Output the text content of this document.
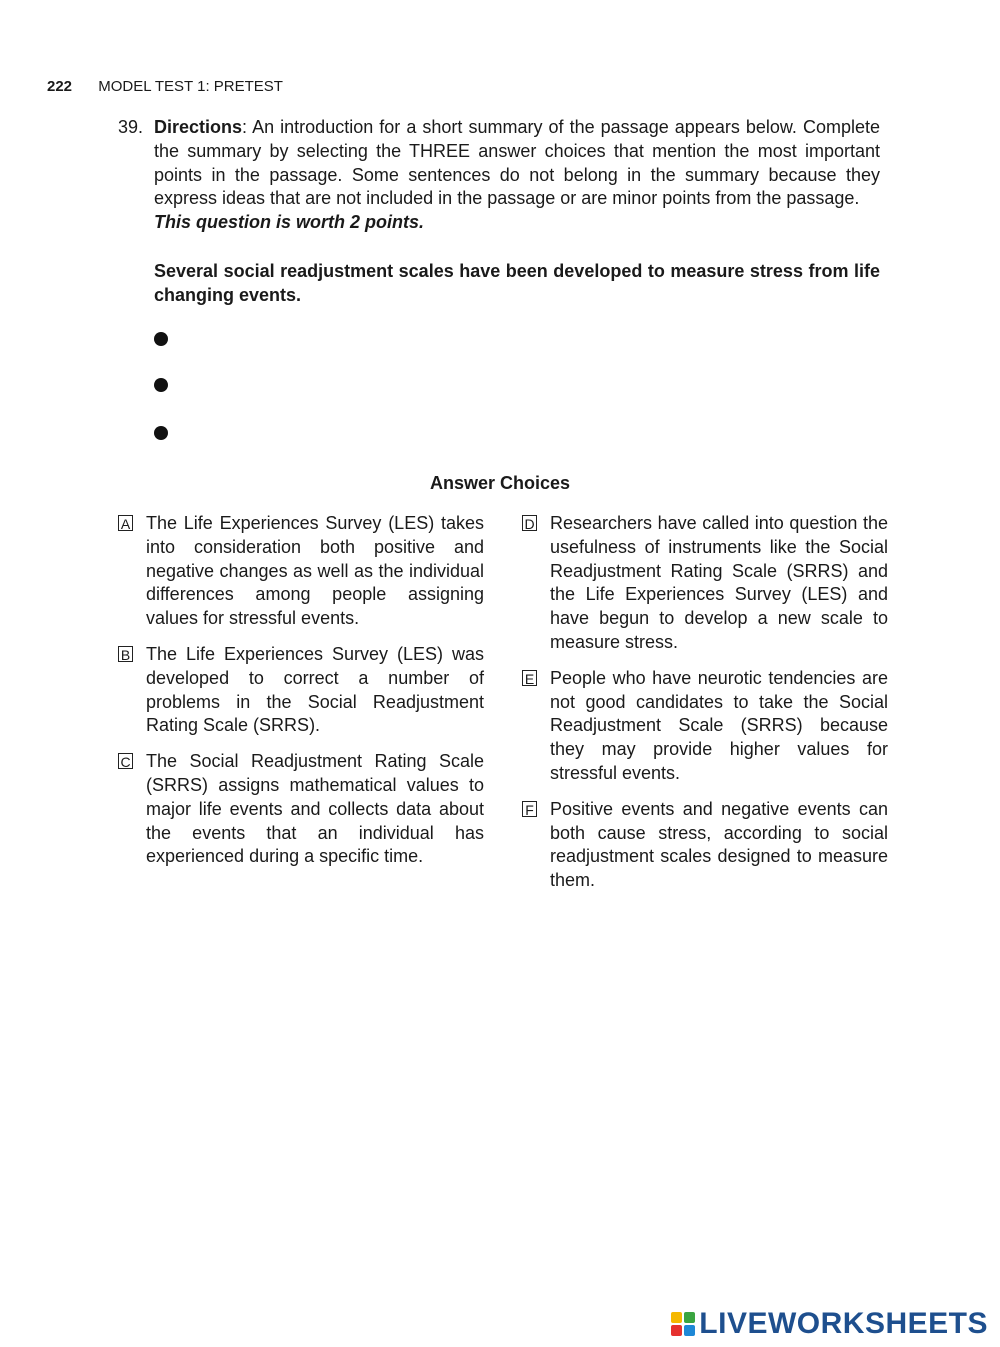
222 MODEL TEST 1: PRETEST
39. Directions: An introduction for a short summary of the passage appears below. Complete the summary by selecting the THREE answer choices that mention the most important points in the passage. Some sentences do not belong in the summary because they express ideas that are not included in the passage or are minor points from the passage.
This question is worth 2 points.
Several social readjustment scales have been developed to measure stress from life changing events.
Answer Choices
A The Life Experiences Survey (LES) takes into consideration both positive and negative changes as well as the individual differences among people assigning values for stressful events.
B The Life Experiences Survey (LES) was developed to correct a number of problems in the Social Readjustment Rating Scale (SRRS).
C The Social Readjustment Rating Scale (SRRS) assigns mathematical values to major life events and collects data about the events that an individual has experienced during a specific time.
D Researchers have called into question the usefulness of instruments like the Social Readjustment Rating Scale (SRRS) and the Life Experiences Survey (LES) and have begun to develop a new scale to measure stress.
E People who have neurotic tendencies are not good candidates to take the Social Readjustment Scale (SRRS) because they may provide higher values for stressful events.
F Positive events and negative events can both cause stress, according to social readjustment scales designed to measure them.
LIVEWORKSHEETS
